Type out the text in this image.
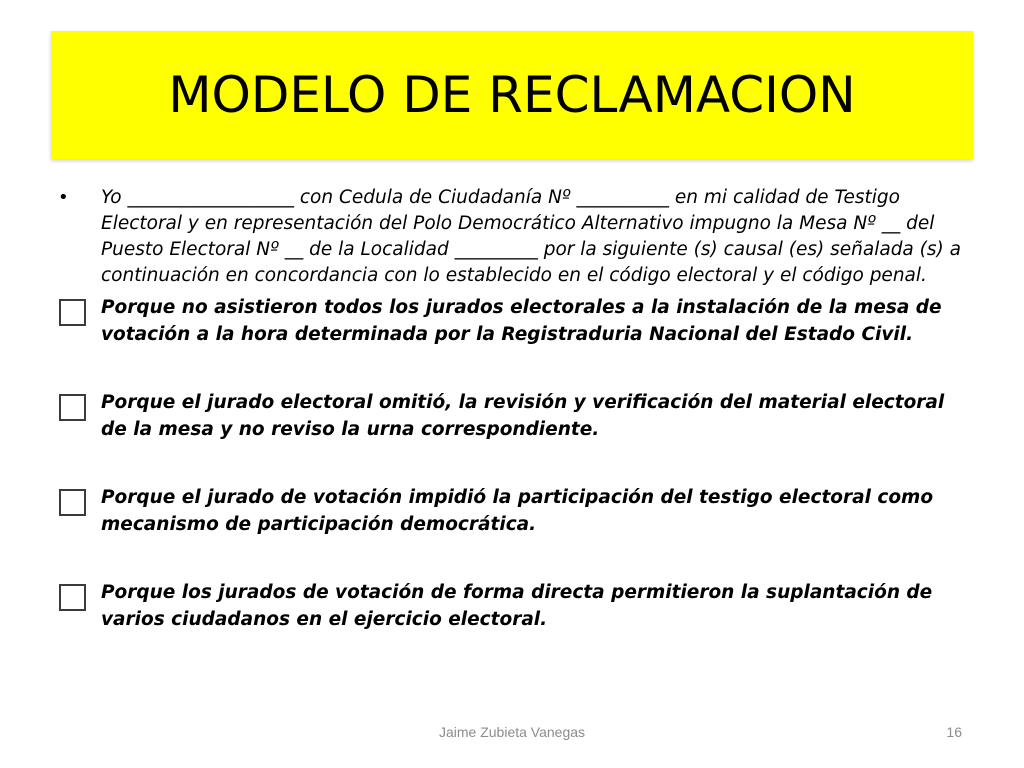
MODELO DE RECLAMACION

• Yo __________________ con Cedula de Ciudadanía Nº __________ en mi calidad de Testigo Electoral y en representación del Polo Democrático Alternativo impugno la Mesa Nº __ del Puesto Electoral Nº __ de la Localidad _________ por la siguiente (s) causal (es) señalada (s) a continuación en concordancia con lo establecido en el código electoral y el código penal.

Porque no asistieron todos los jurados electorales a la instalación de la mesa de votación a la hora determinada por la Registraduria Nacional del Estado Civil.
Porque el jurado electoral omitió, la revisión y verificación del material electoral de la mesa y no reviso la urna correspondiente.
Porque el jurado de votación impidió la participación del testigo electoral como mecanismo de participación democrática.
Porque los jurados de votación de forma directa permitieron la suplantación de varios ciudadanos en el ejercicio electoral.
Jaime Zubieta Vanegas	16
